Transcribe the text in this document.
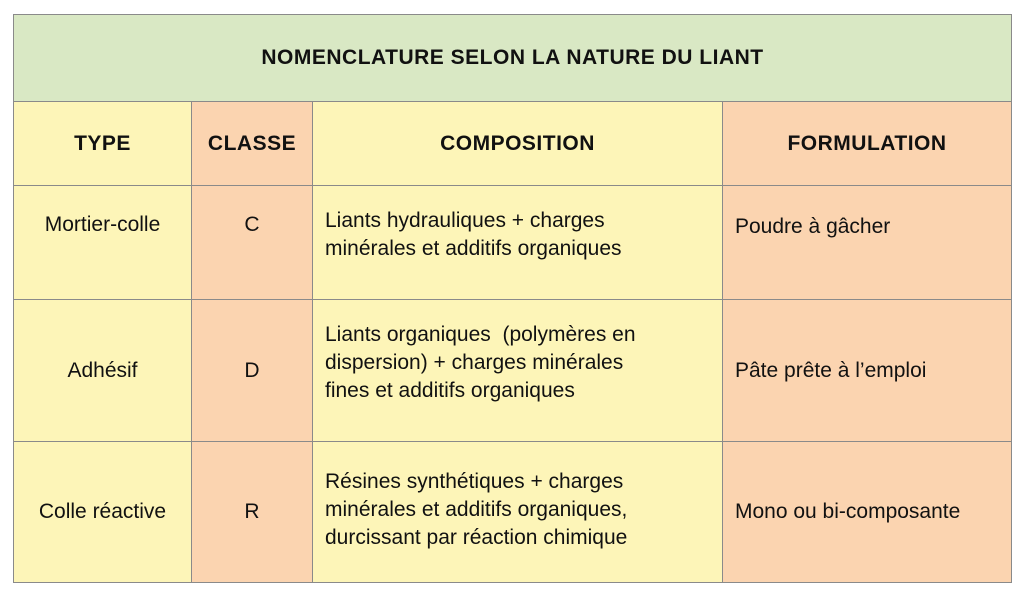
NOMENCLATURE SELON LA NATURE DU LIANT			
TYPE	CLASSE	COMPOSITION	FORMULATION

Mortier-colle	C	Liants hydrauliques + charges
minérales et additifs organiques	Poudre à gâcher

Adhésif	D	Liants organiques  (polymères en
dispersion) + charges minérales
fines et additifs organiques	Pâte prête à l’emploi
Colle réactive	R	Résines synthétiques + charges
minérales et additifs organiques,
durcissant par réaction chimique	Mono ou bi-composante
